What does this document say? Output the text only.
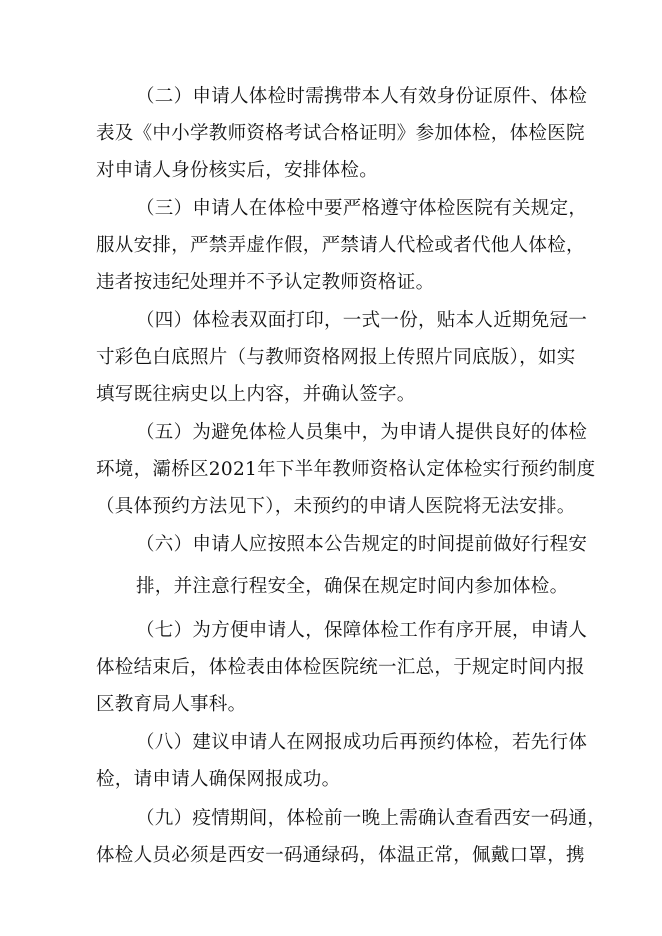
（二）申请人体检时需携带本人有效身份证原件、体检
表及《中小学教师资格考试合格证明》参加体检，体检医院
对申请人身份核实后，安排体检。
（三）申请人在体检中要严格遵守体检医院有关规定，
服从安排，严禁弄虚作假，严禁请人代检或者代他人体检，
违者按违纪处理并不予认定教师资格证。
（四）体检表双面打印，一式一份，贴本人近期免冠一
寸彩色白底照片（与教师资格网报上传照片同底版），如实
填写既往病史以上内容，并确认签字。
（五）为避免体检人员集中，为申请人提供良好的体检
环境，灞桥区2021年下半年教师资格认定体检实行预约制度
（具体预约方法见下），未预约的申请人医院将无法安排。
（六）申请人应按照本公告规定的时间提前做好行程安
排，并注意行程安全，确保在规定时间内参加体检。
（七）为方便申请人，保障体检工作有序开展，申请人
体检结束后，体检表由体检医院统一汇总，于规定时间内报
区教育局人事科。
（八）建议申请人在网报成功后再预约体检，若先行体
检，请申请人确保网报成功。
（九）疫情期间，体检前一晚上需确认查看西安一码通，
体检人员必须是西安一码通绿码，体温正常，佩戴口罩，携
